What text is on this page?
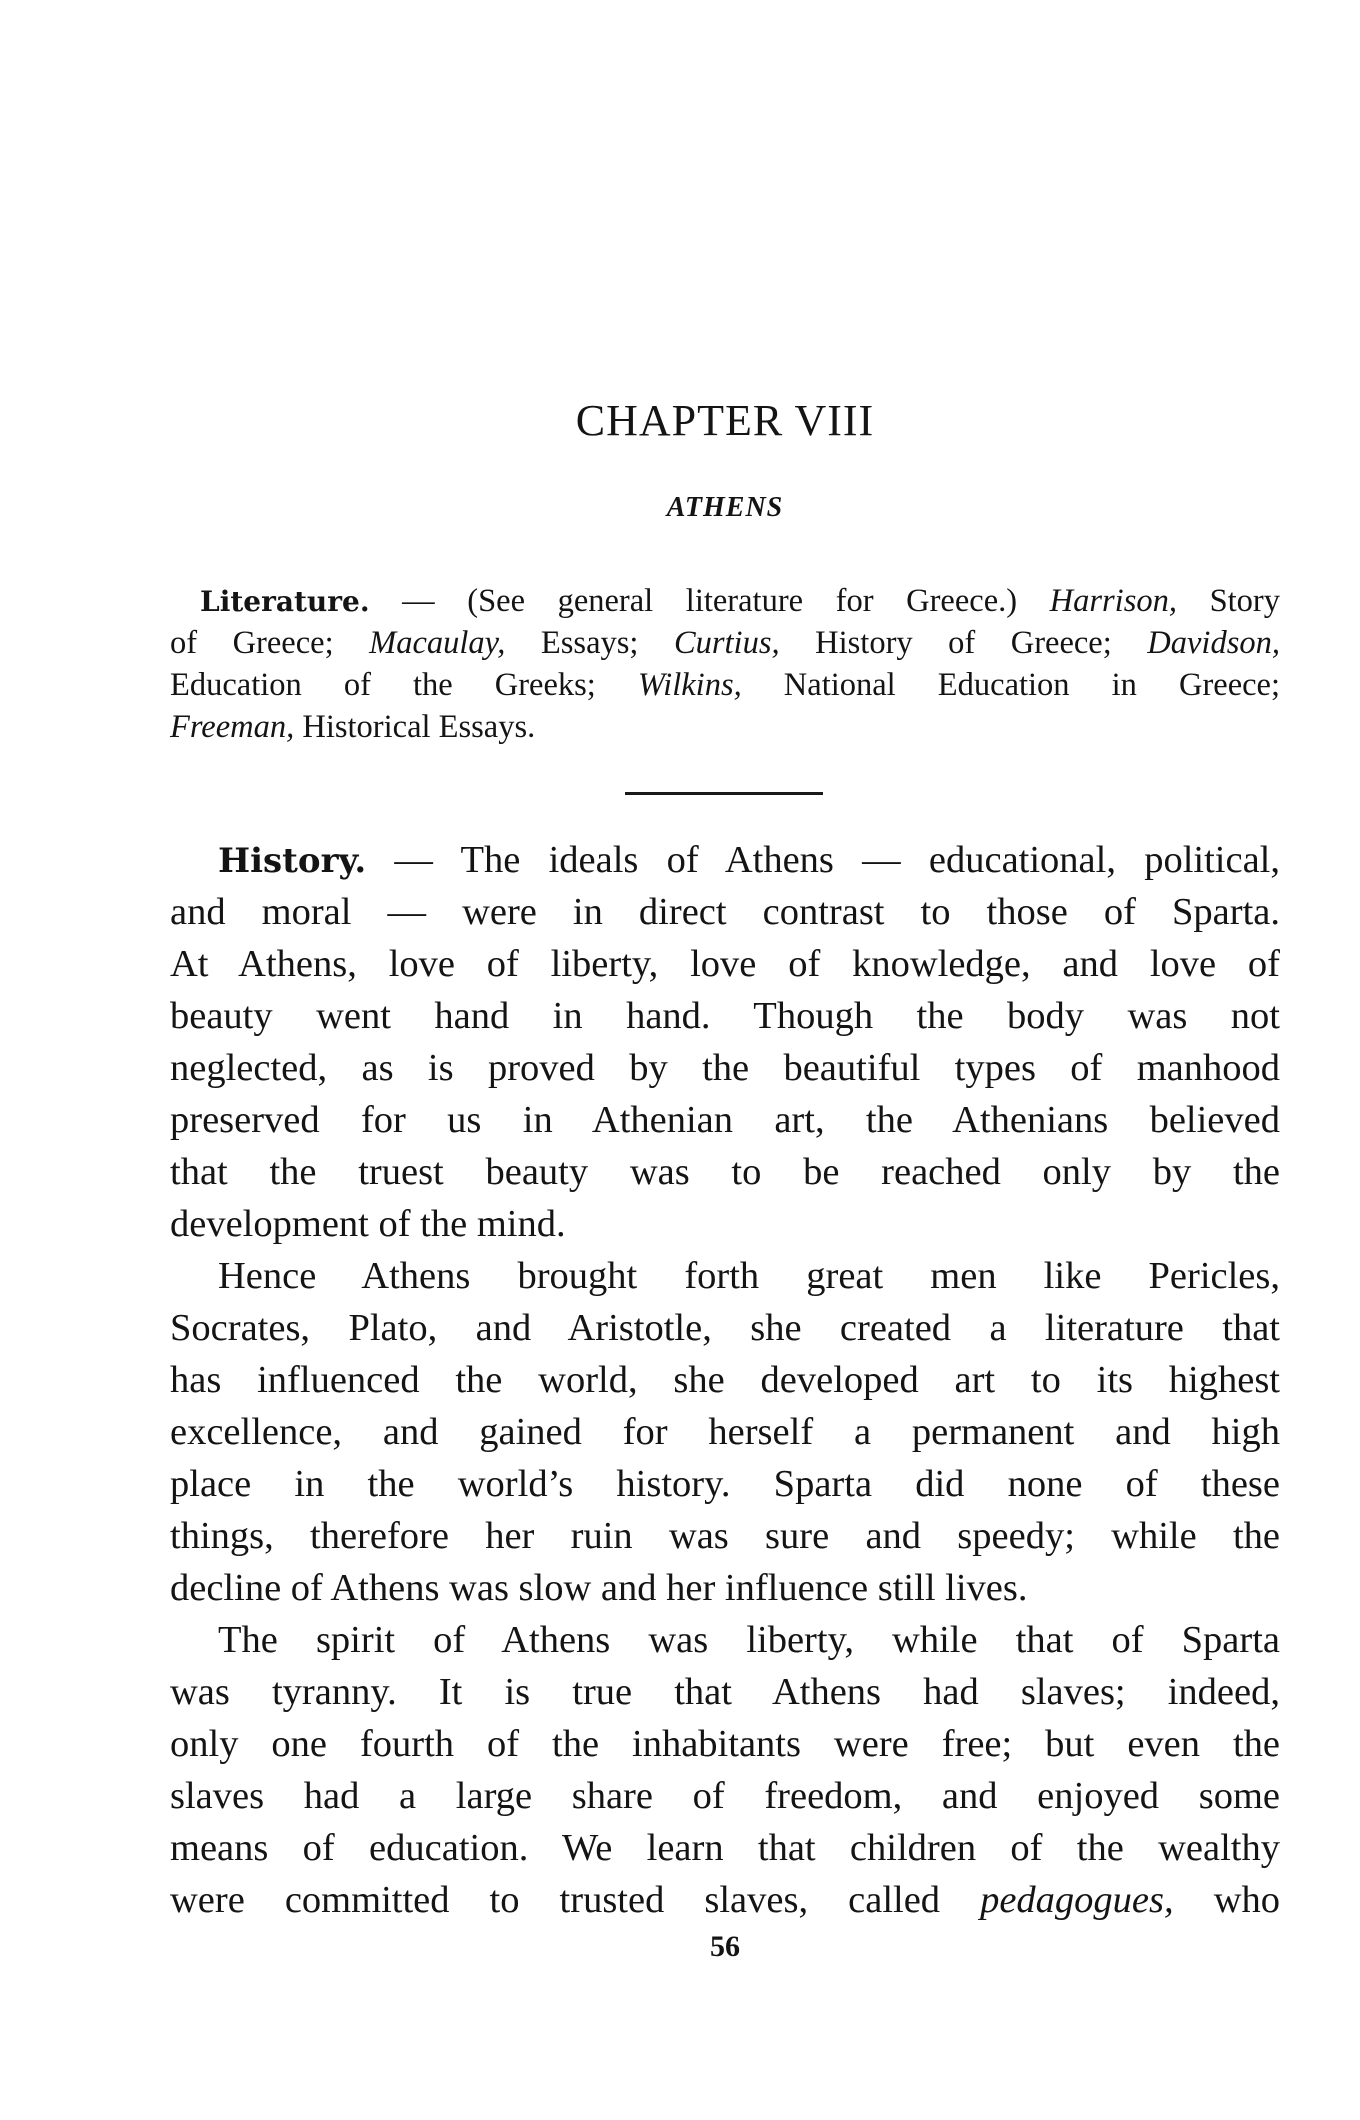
CHAPTER VIII
ATHENS
Literature. — (See general literature for Greece.) Harrison, Story
of Greece; Macaulay, Essays; Curtius, History of Greece; Davidson,
Education of the Greeks; Wilkins, National Education in Greece;
Freeman, Historical Essays.
History. — The ideals of Athens — educational, political,
and moral — were in direct contrast to those of Sparta.
At Athens, love of liberty, love of knowledge, and love of
beauty went hand in hand. Though the body was not
neglected, as is proved by the beautiful types of manhood
preserved for us in Athenian art, the Athenians believed
that the truest beauty was to be reached only by the
development of the mind.
Hence Athens brought forth great men like Pericles,
Socrates, Plato, and Aristotle, she created a literature that
has influenced the world, she developed art to its highest
excellence, and gained for herself a permanent and high
place in the world’s history. Sparta did none of these
things, therefore her ruin was sure and speedy; while the
decline of Athens was slow and her influence still lives.
The spirit of Athens was liberty, while that of Sparta
was tyranny. It is true that Athens had slaves; indeed,
only one fourth of the inhabitants were free; but even the
slaves had a large share of freedom, and enjoyed some
means of education. We learn that children of the wealthy
were committed to trusted slaves, called pedagogues, who
56
